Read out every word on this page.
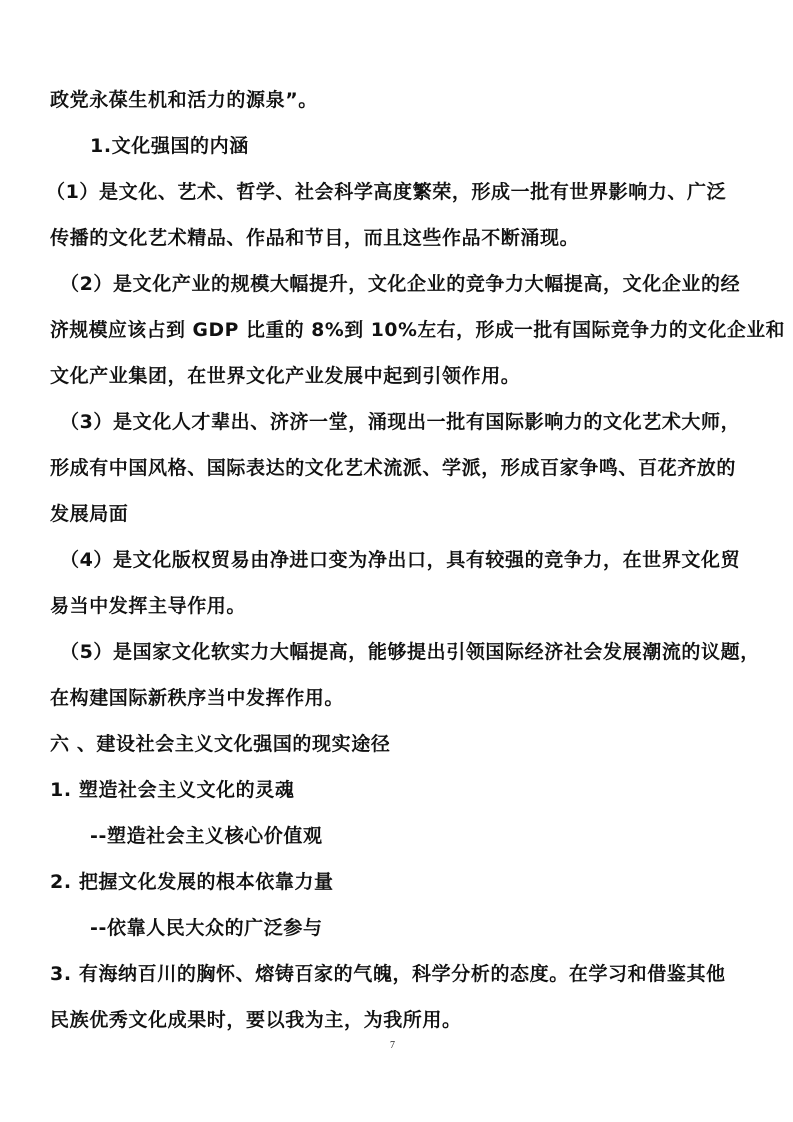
政党永葆生机和活力的源泉”。
1.文化强国的内涵
（1）是文化、艺术、哲学、社会科学高度繁荣，形成一批有世界影响力、广泛
传播的文化艺术精品、作品和节目，而且这些作品不断涌现。
（2）是文化产业的规模大幅提升，文化企业的竞争力大幅提高，文化企业的经
济规模应该占到 GDP 比重的 8%到 10%左右，形成一批有国际竞争力的文化企业和
文化产业集团，在世界文化产业发展中起到引领作用。
（3）是文化人才辈出、济济一堂，涌现出一批有国际影响力的文化艺术大师，
形成有中国风格、国际表达的文化艺术流派、学派，形成百家争鸣、百花齐放的
发展局面
（4）是文化版权贸易由净进口变为净出口，具有较强的竞争力，在世界文化贸
易当中发挥主导作用。
（5）是国家文化软实力大幅提高，能够提出引领国际经济社会发展潮流的议题，
在构建国际新秩序当中发挥作用。
六 、建设社会主义文化强国的现实途径
1. 塑造社会主义文化的灵魂
--塑造社会主义核心价值观
2. 把握文化发展的根本依靠力量
--依靠人民大众的广泛参与
3. 有海纳百川的胸怀、熔铸百家的气魄，科学分析的态度。在学习和借鉴其他
民族优秀文化成果时，要以我为主，为我所用。
7
